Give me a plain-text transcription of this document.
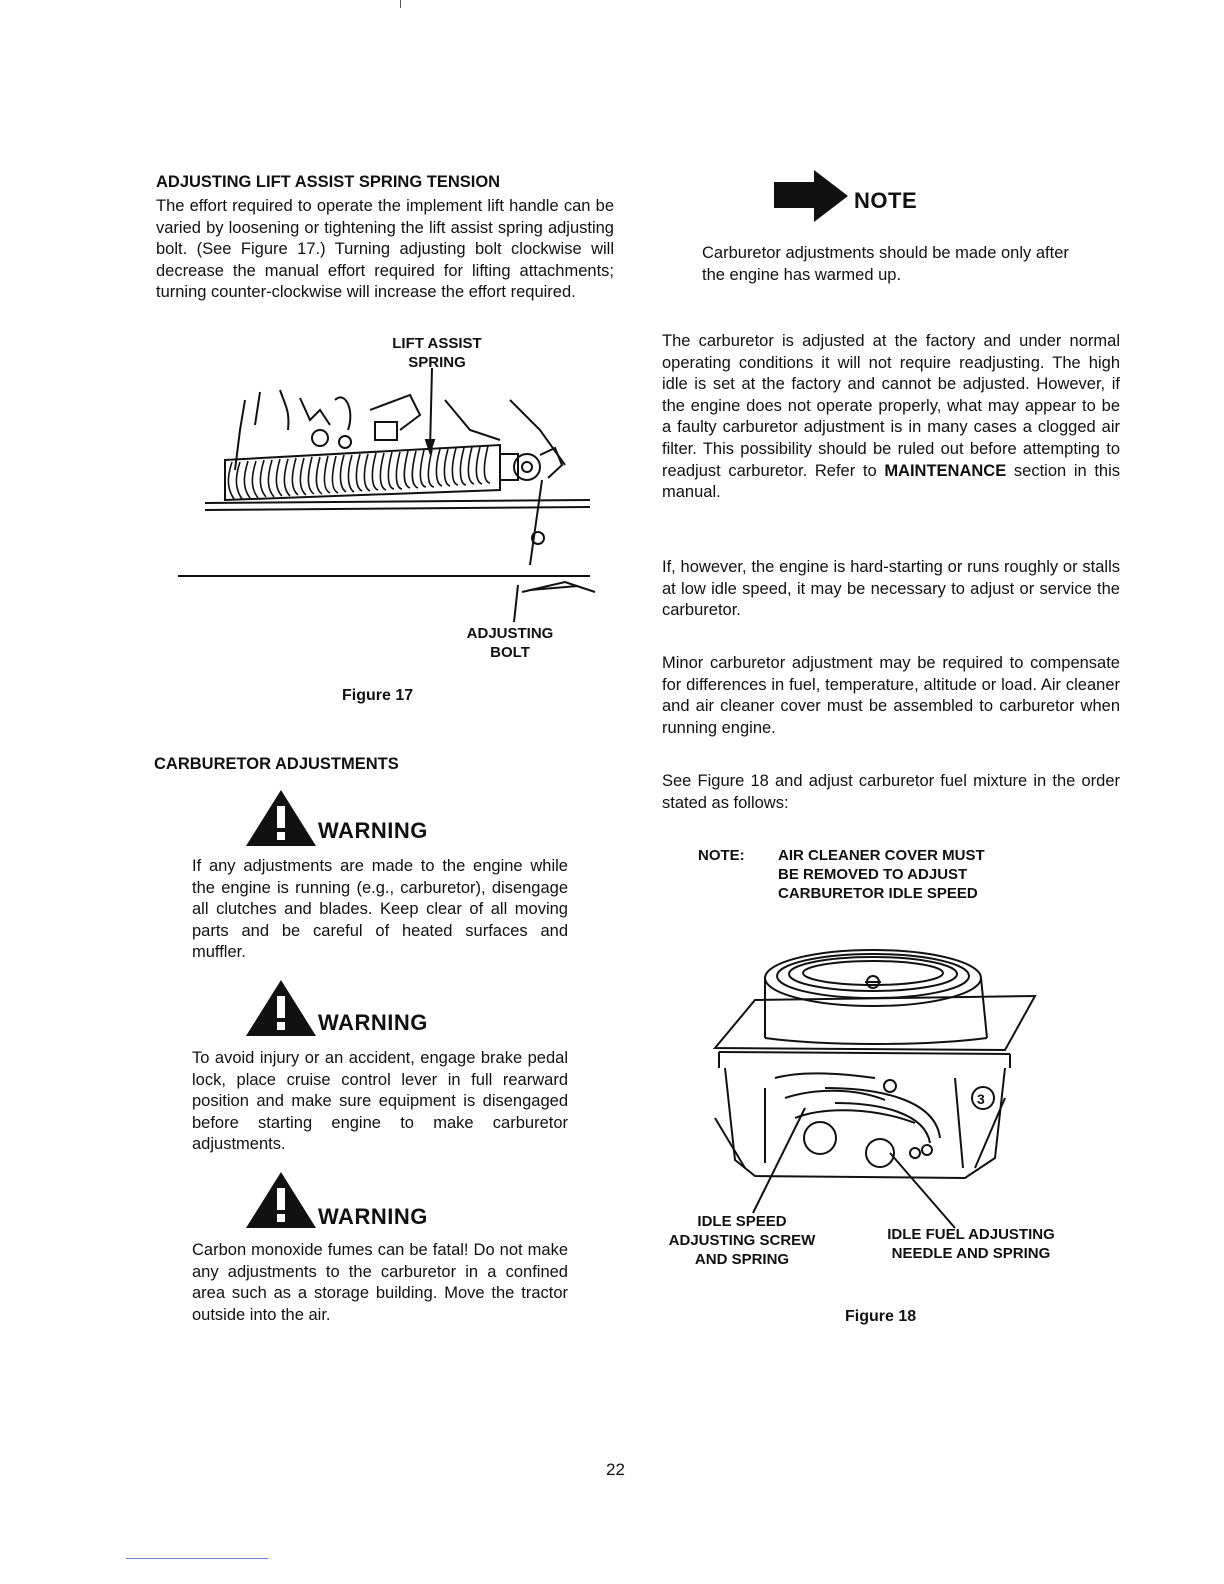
ADJUSTING LIFT ASSIST SPRING TENSION

The effort required to operate the implement lift handle can be varied by loosening or tightening the lift assist spring adjusting bolt. (See Figure 17.) Turning adjusting bolt clockwise will decrease the manual effort required for lifting attachments; turning counter-clockwise will increase the effort required.

LIFT ASSIST
SPRING
ADJUSTING
BOLT
Figure 17

CARBURETOR ADJUSTMENTS

WARNING

If any adjustments are made to the engine while the engine is running (e.g., carburetor), disengage all clutches and blades. Keep clear of all moving parts and be careful of heated surfaces and muffler.

WARNING

To avoid injury or an accident, engage brake pedal lock, place cruise control lever in full rearward position and make sure equipment is disengaged before starting engine to make carburetor adjustments.

WARNING

Carbon monoxide fumes can be fatal! Do not make any adjustments to the carburetor in a confined area such as a storage building. Move the tractor outside into the air.

NOTE

Carburetor adjustments should be made only after the engine has warmed up.

The carburetor is adjusted at the factory and under normal operating conditions it will not require readjusting. The high idle is set at the factory and cannot be adjusted. However, if the engine does not operate properly, what may appear to be a faulty carburetor adjustment is in many cases a clogged air filter. This possibility should be ruled out before attempting to readjust carburetor. Refer to MAINTENANCE section in this manual.

If, however, the engine is hard-starting or runs roughly or stalls at low idle speed, it may be necessary to adjust or service the carburetor.

Minor carburetor adjustment may be required to compensate for differences in fuel, temperature, altitude or load. Air cleaner and air cleaner cover must be assembled to carburetor when running engine.

See Figure 18 and adjust carburetor fuel mixture in the order stated as follows:

NOTE: AIR CLEANER COVER MUST
BE REMOVED TO ADJUST
CARBURETOR IDLE SPEED
3
IDLE SPEED
ADJUSTING SCREW
AND SPRING
IDLE FUEL ADJUSTING
NEEDLE AND SPRING
Figure 18
22
